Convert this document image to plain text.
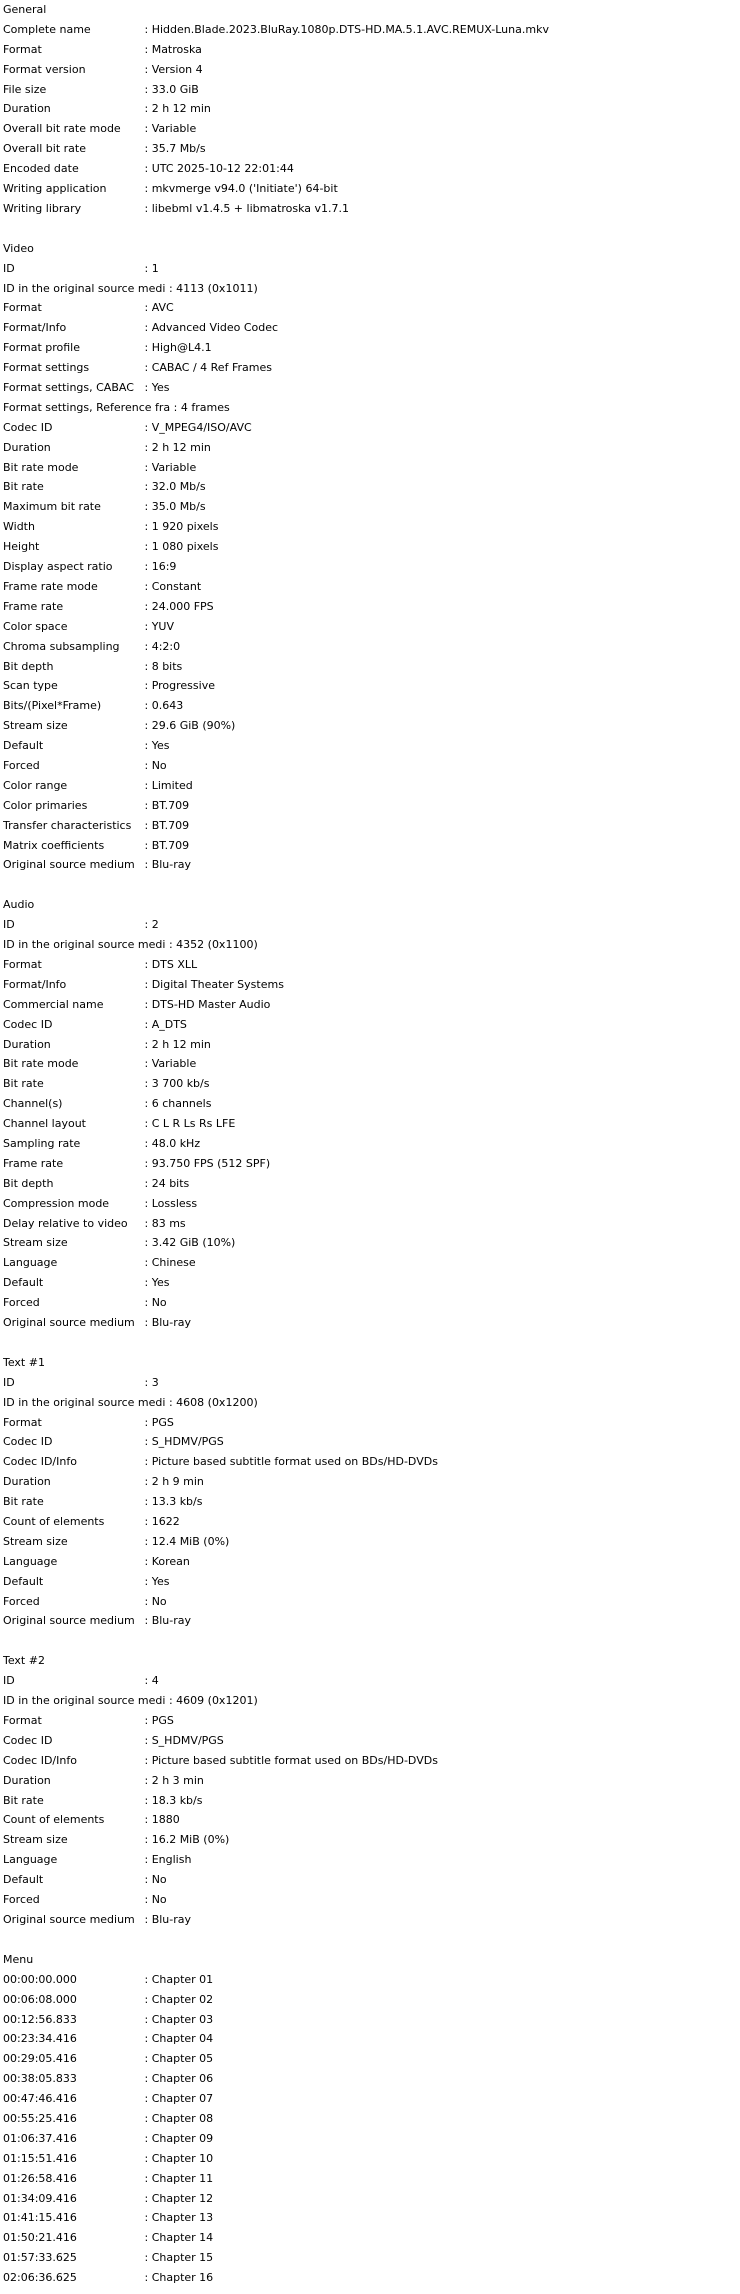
General
Complete name	: Hidden.Blade.2023.BluRay.1080p.DTS-HD.MA.5.1.AVC.REMUX-Luna.mkv
Format	: Matroska
Format version	: Version 4
File size	: 33.0 GiB
Duration	: 2 h 12 min
Overall bit rate mode : Variable
Overall bit rate	: 35.7 Mb/s
Encoded date	: UTC 2025-10-12 22:01:44
Writing application	: mkvmerge v94.0 ('Initiate') 64-bit
Writing library	: libebml v1.4.5 + libmatroska v1.7.1
Video
ID	: 1
ID in the original source medi : 4113 (0x1011)
Format	: AVC
Format/Info	: Advanced Video Codec
Format profile	: High@L4.1
Format settings	: CABAC / 4 Ref Frames
Format settings, CABAC : Yes
Format settings, Reference fra : 4 frames
Codec ID	: V_MPEG4/ISO/AVC
Duration	: 2 h 12 min
Bit rate mode	: Variable
Bit rate	: 32.0 Mb/s
Maximum bit rate	: 35.0 Mb/s
Width	: 1 920 pixels
Height	: 1 080 pixels
Display aspect ratio	: 16:9
Frame rate mode	: Constant
Frame rate	: 24.000 FPS
Color space	: YUV
Chroma subsampling : 4:2:0
Bit depth	: 8 bits
Scan type	: Progressive
Bits/(Pixel*Frame)	: 0.643
Stream size	: 29.6 GiB (90%)
Default	: Yes
Forced	: No
Color range	: Limited
Color primaries	: BT.709
Transfer characteristics : BT.709
Matrix coefficients	: BT.709
Original source medium : Blu-ray
Audio
ID	: 2
ID in the original source medi : 4352 (0x1100)
Format	: DTS XLL
Format/Info	: Digital Theater Systems
Commercial name	: DTS-HD Master Audio
Codec ID	: A_DTS
Duration	: 2 h 12 min
Bit rate mode	: Variable
Bit rate	: 3 700 kb/s
Channel(s)	: 6 channels
Channel layout	: C L R Ls Rs LFE
Sampling rate	: 48.0 kHz
Frame rate	: 93.750 FPS (512 SPF)
Bit depth	: 24 bits
Compression mode	: Lossless
Delay relative to video : 83 ms
Stream size	: 3.42 GiB (10%)
Language	: Chinese
Default	: Yes
Forced	: No
Original source medium : Blu-ray
Text #1
ID	: 3
ID in the original source medi : 4608 (0x1200)
Format	: PGS
Codec ID	: S_HDMV/PGS
Codec ID/Info	: Picture based subtitle format used on BDs/HD-DVDs
Duration	: 2 h 9 min
Bit rate	: 13.3 kb/s
Count of elements	: 1622
Stream size	: 12.4 MiB (0%)
Language	: Korean
Default	: Yes
Forced	: No
Original source medium : Blu-ray
Text #2
ID	: 4
ID in the original source medi : 4609 (0x1201)
Format	: PGS
Codec ID	: S_HDMV/PGS
Codec ID/Info	: Picture based subtitle format used on BDs/HD-DVDs
Duration	: 2 h 3 min
Bit rate	: 18.3 kb/s
Count of elements	: 1880
Stream size	: 16.2 MiB (0%)
Language	: English
Default	: No
Forced	: No
Original source medium : Blu-ray
Menu
00:00:00.000	: Chapter 01
00:06:08.000	: Chapter 02
00:12:56.833	: Chapter 03
00:23:34.416	: Chapter 04
00:29:05.416	: Chapter 05
00:38:05.833	: Chapter 06
00:47:46.416	: Chapter 07
00:55:25.416	: Chapter 08
01:06:37.416	: Chapter 09
01:15:51.416	: Chapter 10
01:26:58.416	: Chapter 11
01:34:09.416	: Chapter 12
01:41:15.416	: Chapter 13
01:50:21.416	: Chapter 14
01:57:33.625	: Chapter 15
02:06:36.625	: Chapter 16
